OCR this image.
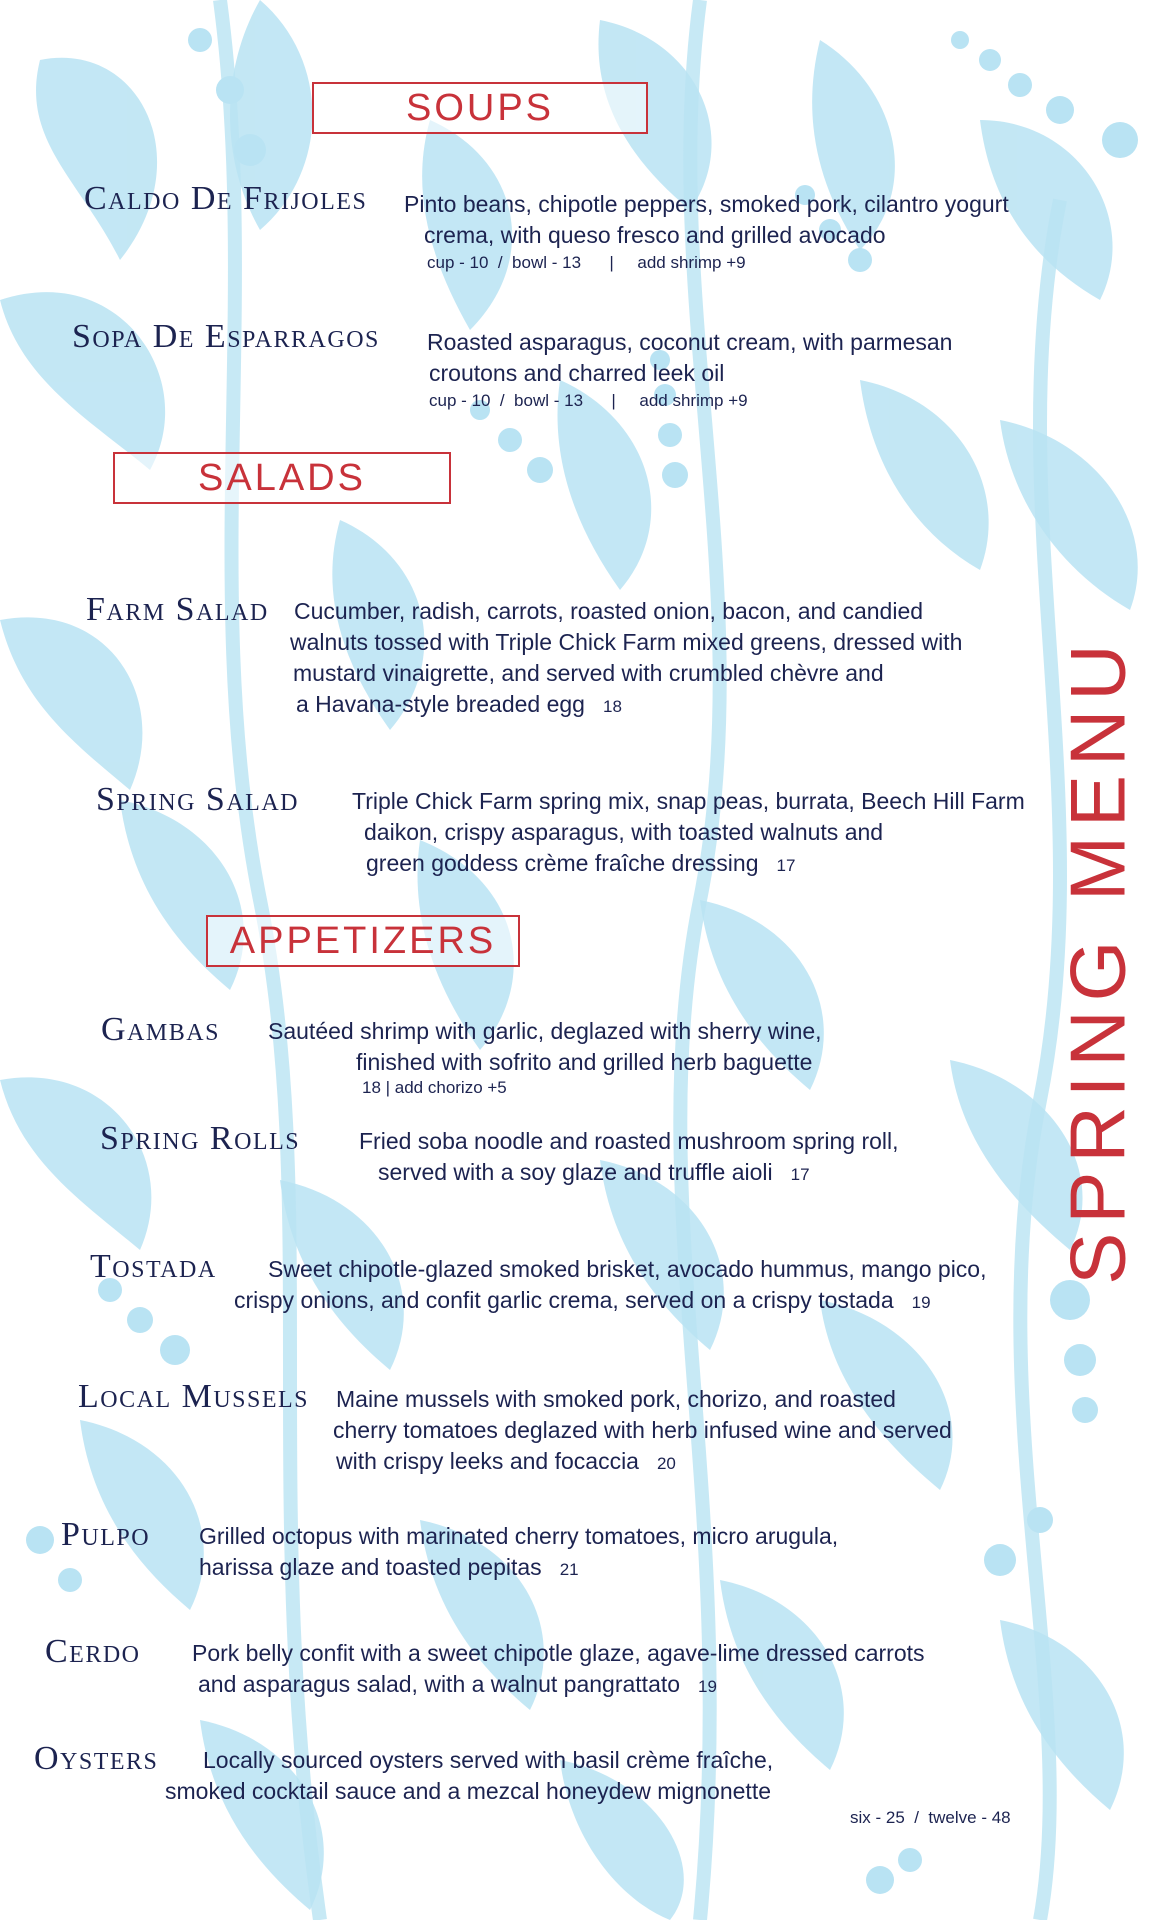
SOUPS
Caldo De Frijoles Pinto beans, chipotle peppers, smoked pork, cilantro yogurt
crema, with queso fresco and grilled avocado
cup - 10  /  bowl - 13      |     add shrimp +9
Sopa De Esparragos Roasted asparagus, coconut cream, with parmesan
croutons and charred leek oil
cup - 10  /  bowl - 13      |     add shrimp +9
SALADS
Farm Salad Cucumber, radish, carrots, roasted onion, bacon, and candied
walnuts tossed with Triple Chick Farm mixed greens, dressed with
mustard vinaigrette, and served with crumbled chèvre and
a Havana-style breaded egg 18
Spring Salad Triple Chick Farm spring mix, snap peas, burrata, Beech Hill Farm
daikon, crispy asparagus, with toasted walnuts and
green goddess crème fraîche dressing 17
APPETIZERS
Gambas Sautéed shrimp with garlic, deglazed with sherry wine,
finished with sofrito and grilled herb baguette
18 | add chorizo +5
Spring Rolls	Fried soba noodle and roasted mushroom spring roll,
served with a soy glaze and truffle aioli 17
Tostada Sweet chipotle-glazed smoked brisket, avocado hummus, mango pico,
crispy onions, and confit garlic crema, served on a crispy tostada 19
Local Mussels Maine mussels with smoked pork, chorizo, and roasted
cherry tomatoes deglazed with herb infused wine and served
with crispy leeks and focaccia 20
Pulpo Grilled octopus with marinated cherry tomatoes, micro arugula,
harissa glaze and toasted pepitas 21
Cerdo Pork belly confit with a sweet chipotle glaze, agave-lime dressed carrots
and asparagus salad, with a walnut pangrattato 19
Oysters Locally sourced oysters served with basil crème fraîche,
smoked cocktail sauce and a mezcal honeydew mignonette
six - 25  /  twelve - 48
SPRING MENU
